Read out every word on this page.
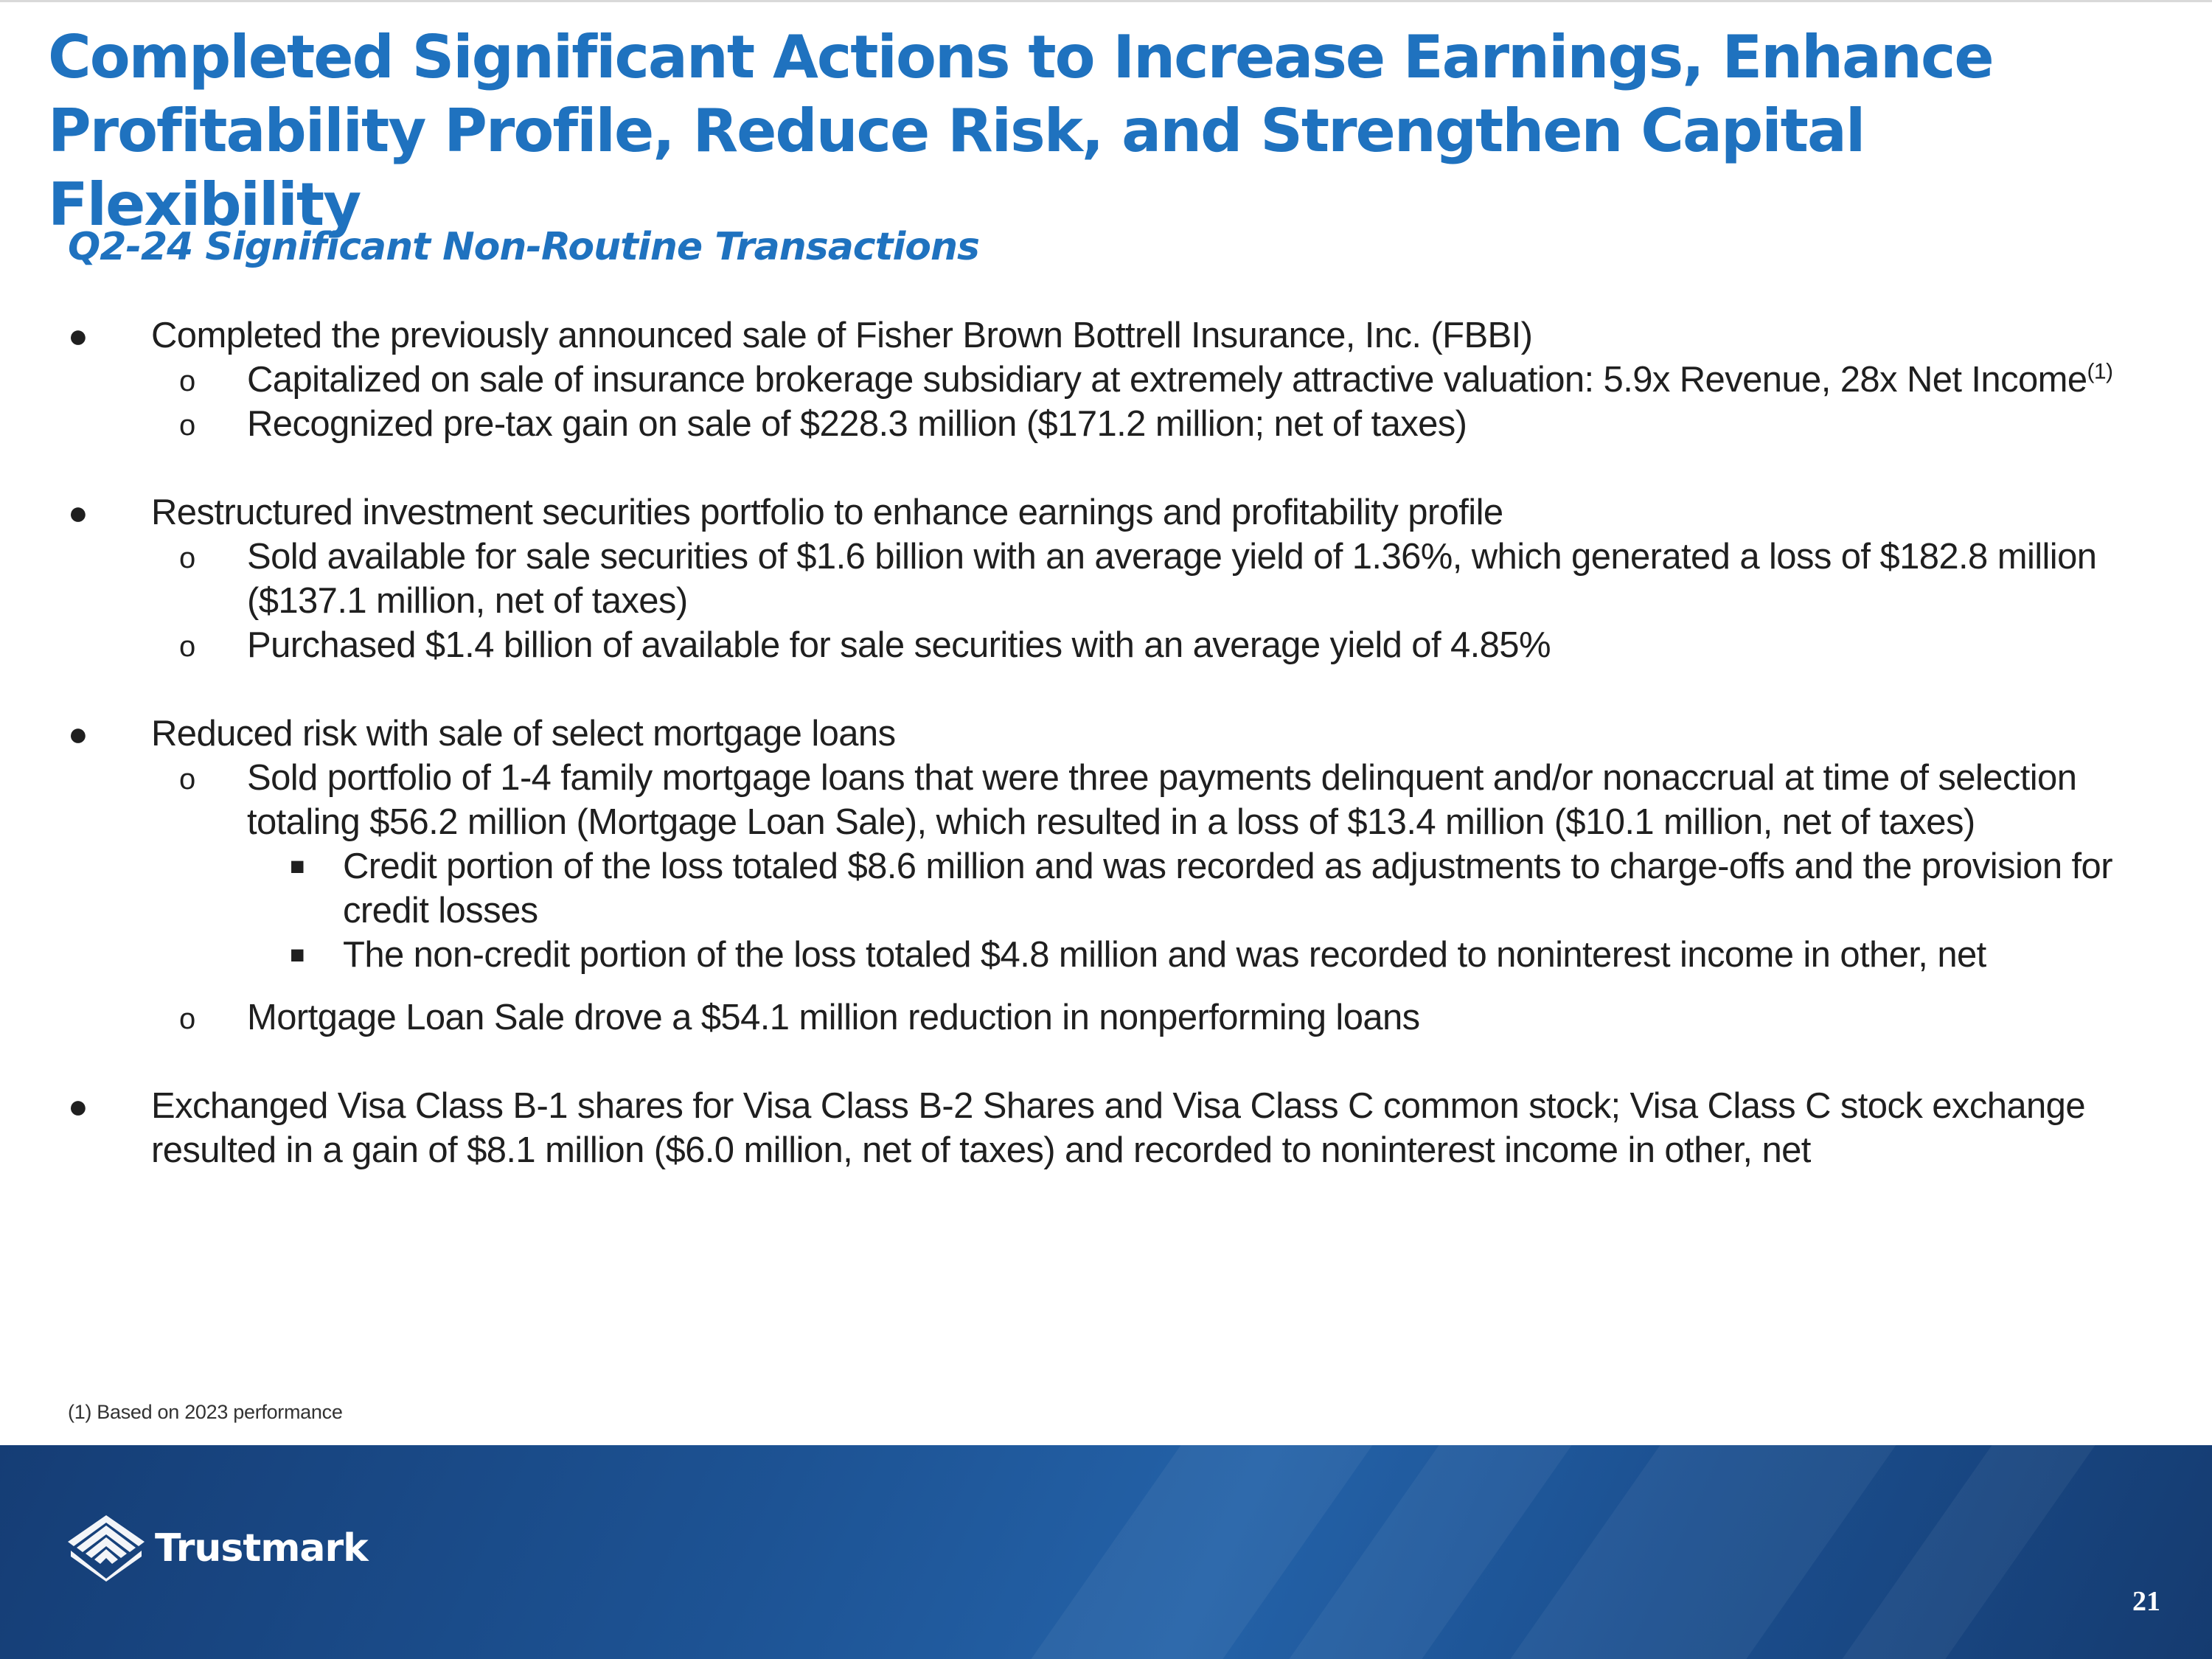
Completed Significant Actions to Increase Earnings, Enhance Profitability Profile, Reduce Risk, and Strengthen Capital Flexibility
Q2-24 Significant Non-Routine Transactions
● Completed the previously announced sale of Fisher Brown Bottrell Insurance, Inc. (FBBI)
o Capitalized on sale of insurance brokerage subsidiary at extremely attractive valuation: 5.9x Revenue, 28x Net Income$^{(1)}$
o Recognized pre-tax gain on sale of $228.3 million ($171.2 million; net of taxes)
● Restructured investment securities portfolio to enhance earnings and profitability profile
o Sold available for sale securities of $1.6 billion with an average yield of 1.36%, which generated a loss of $182.8 million ($137.1 million, net of taxes)
o Purchased $1.4 billion of available for sale securities with an average yield of 4.85%
● Reduced risk with sale of select mortgage loans
o Sold portfolio of 1-4 family mortgage loans that were three payments delinquent and/or nonaccrual at time of selection totaling $56.2 million (Mortgage Loan Sale), which resulted in a loss of $13.4 million ($10.1 million, net of taxes)
■ Credit portion of the loss totaled $8.6 million and was recorded as adjustments to charge-offs and the provision for credit losses
■ The non-credit portion of the loss totaled $4.8 million and was recorded to noninterest income in other, net
o Mortgage Loan Sale drove a $54.1 million reduction in nonperforming loans
● Exchanged Visa Class B-1 shares for Visa Class B-2 Shares and Visa Class C common stock; Visa Class C stock exchange resulted in a gain of $8.1 million ($6.0 million, net of taxes) and recorded to noninterest income in other, net
(1) Based on 2023 performance
Trustmark
21
